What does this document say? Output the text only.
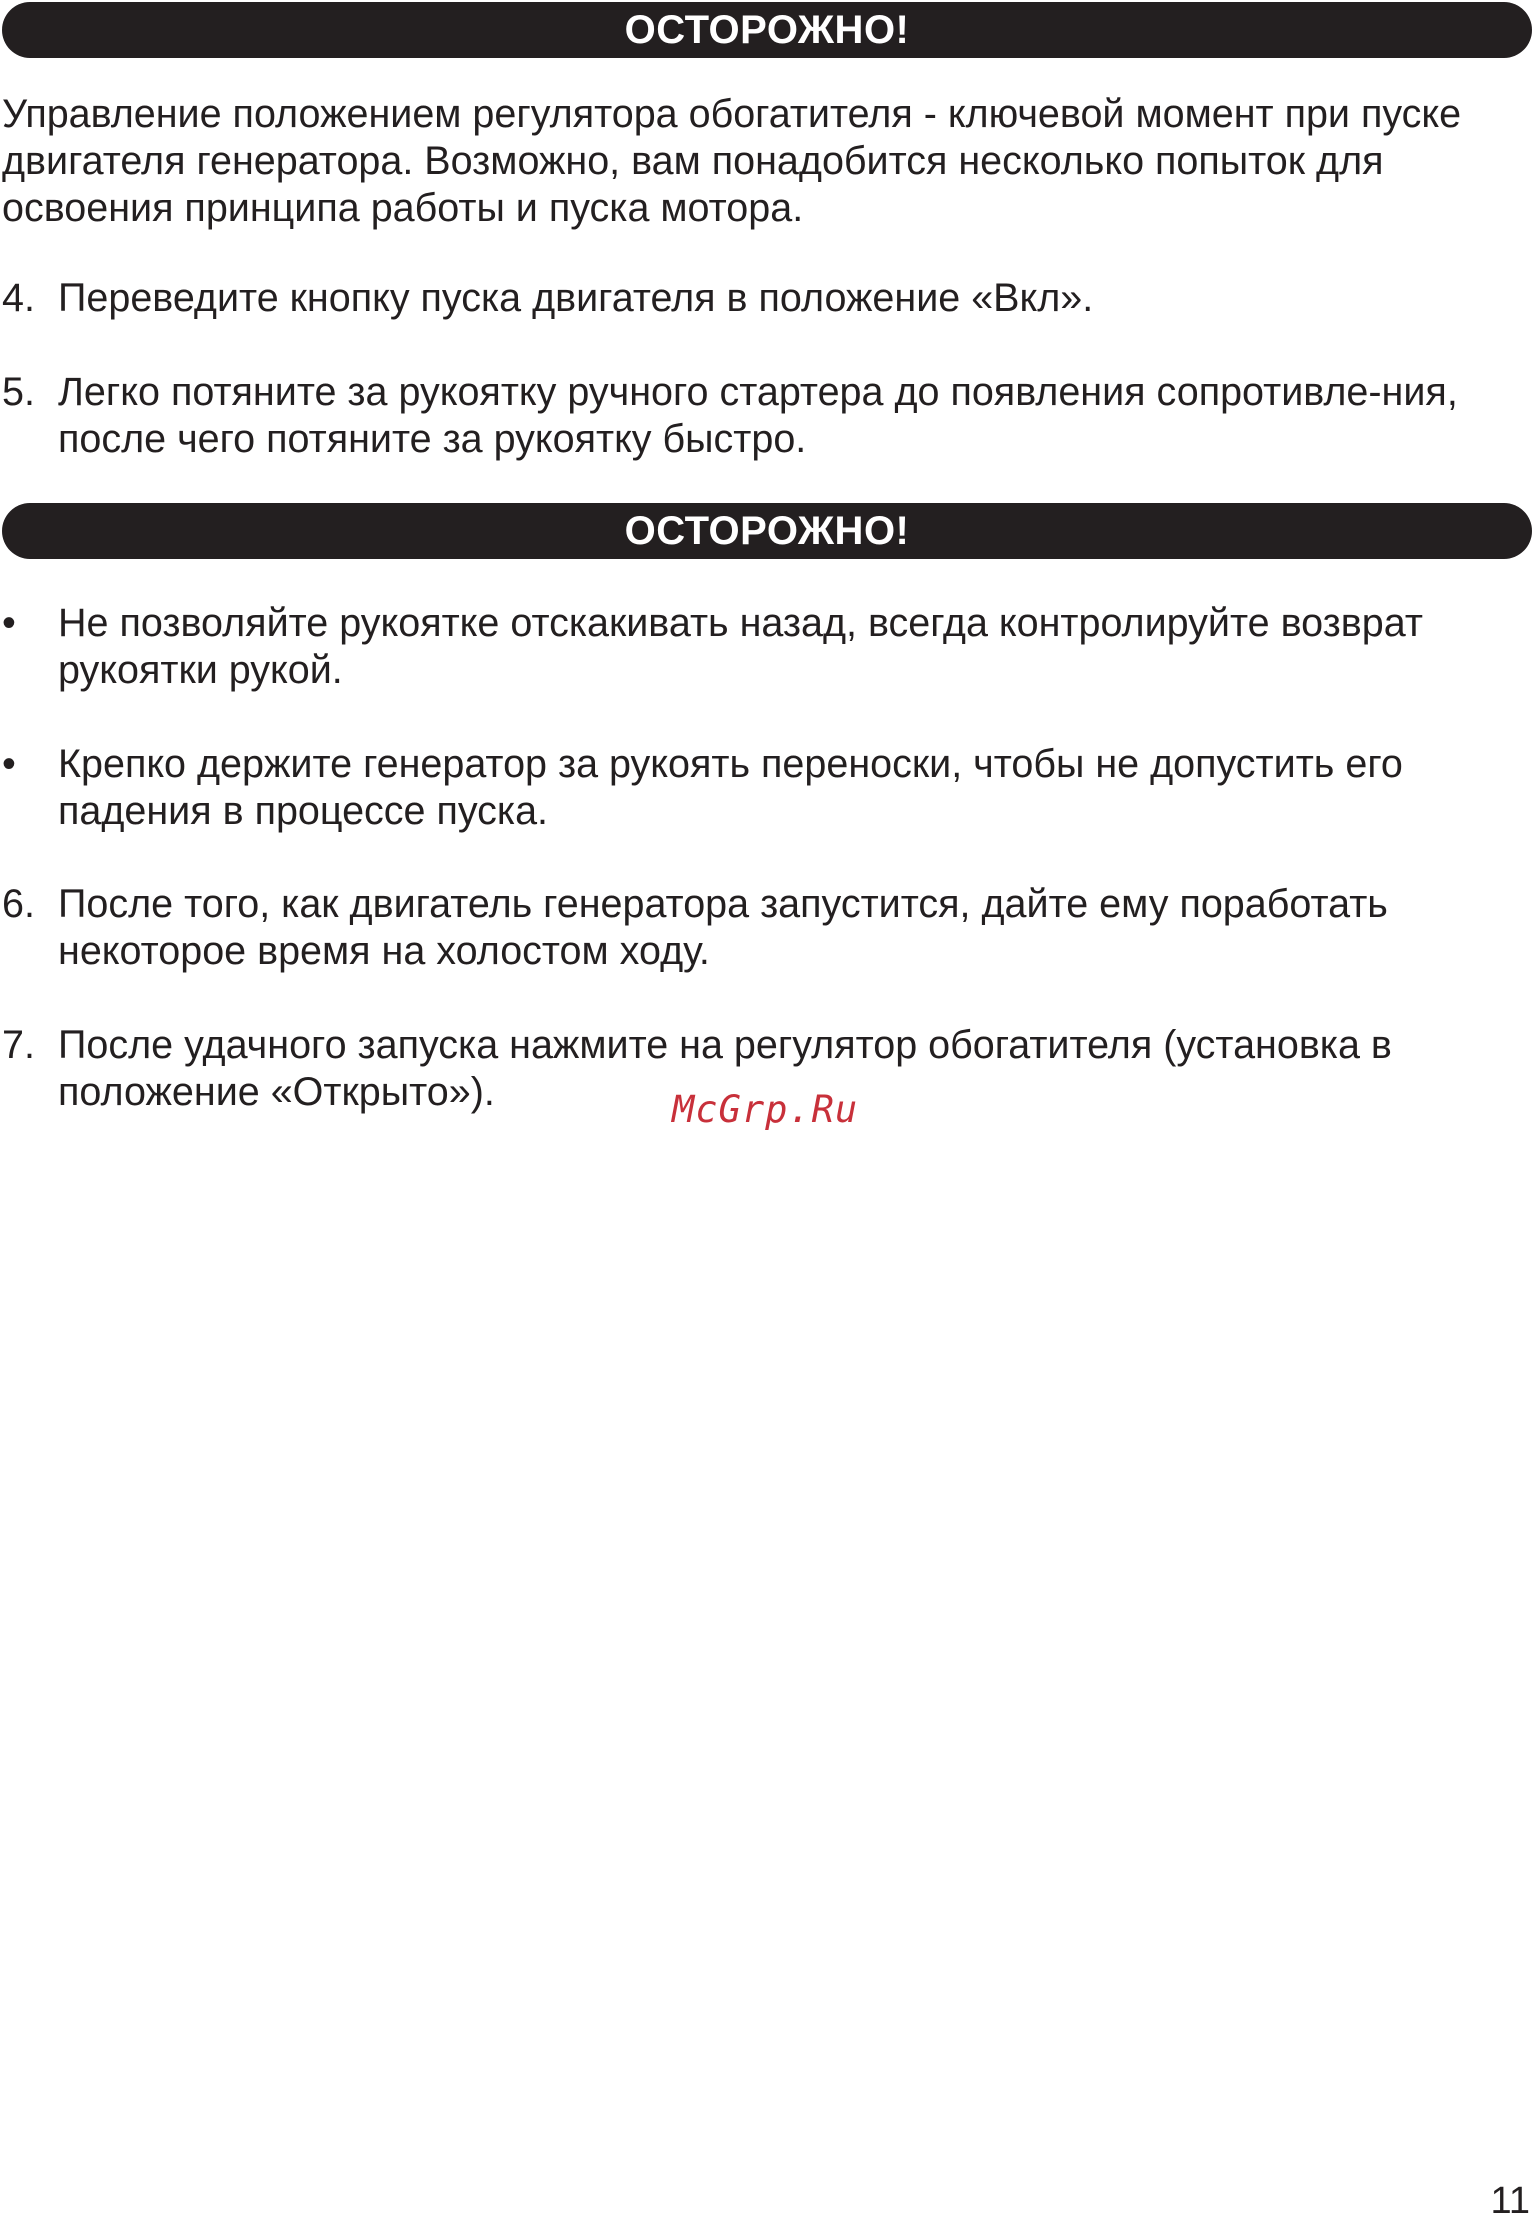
ОСТОРОЖНО!

Управление положением регулятора обогатителя - ключевой момент при пуске двигателя генератора. Возможно, вам понадобится несколько попыток для освоения принципа работы и пуска мотора.

4. Переведите кнопку пуска двигателя в положение «Вкл».
5. Легко потяните за рукоятку ручного стартера до появления сопротивле-ния, после чего потяните за рукоятку быстро.
ОСТОРОЖНО!
•	Не позволяйте рукоятке отскакивать назад, всегда контролируйте возврат рукоятки рукой.
•	Крепко держите генератор за рукоять переноски, чтобы не допустить его падения в процессе пуска.
6. После того, как двигатель генератора запустится, дайте ему поработать некоторое время на холостом ходу.
7. После удачного запуска нажмите на регулятор обогатителя (установка в положение «Открыто»).	McGrp.Ru
11
